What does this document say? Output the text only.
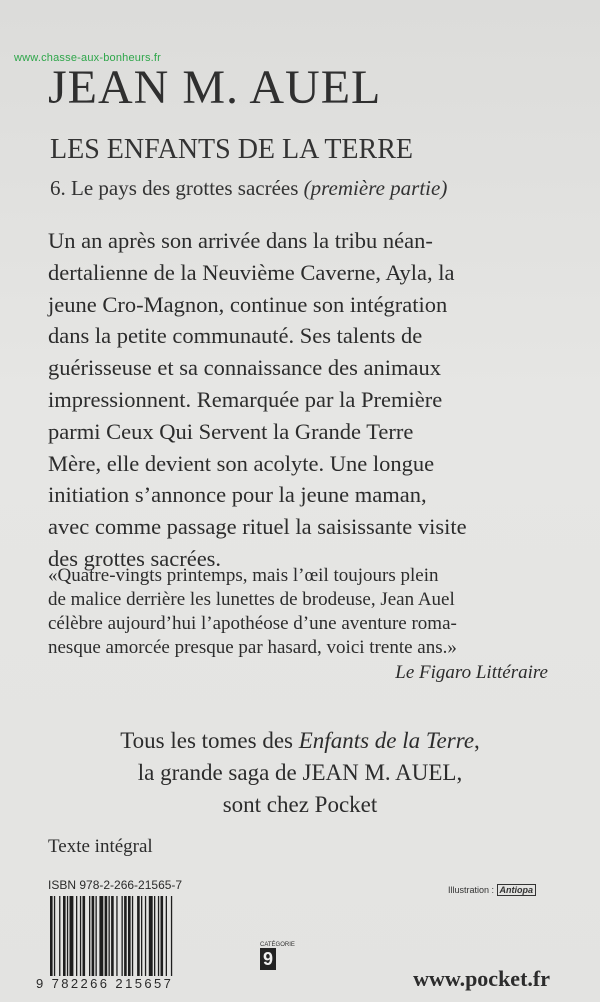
www.chasse-aux-bonheurs.fr
JEAN M. AUEL
LES ENFANTS DE LA TERRE
6. Le pays des grottes sacrées (première partie)
Un an après son arrivée dans la tribu néan-
dertalienne de la Neuvième Caverne, Ayla, la
jeune Cro-Magnon, continue son intégration
dans la petite communauté. Ses talents de
guérisseuse et sa connaissance des animaux
impressionnent. Remarquée par la Première
parmi Ceux Qui Servent la Grande Terre
Mère, elle devient son acolyte. Une longue
initiation s’annonce pour la jeune maman,
avec comme passage rituel la saisissante visite
des grottes sacrées.
«Quatre-vingts printemps, mais l’œil toujours plein
de malice derrière les lunettes de brodeuse, Jean Auel
célèbre aujourd’hui l’apothéose d’une aventure roma-
nesque amorcée presque par hasard, voici trente ans.»
Le Figaro Littéraire
Tous les tomes des Enfants de la Terre,
la grande saga de JEAN M. AUEL,
sont chez Pocket
Texte intégral
ISBN 978-2-266-21565-7
9 782266 215657
CATÉGORIE
9
Illustration : Antiopa
www.pocket.fr
